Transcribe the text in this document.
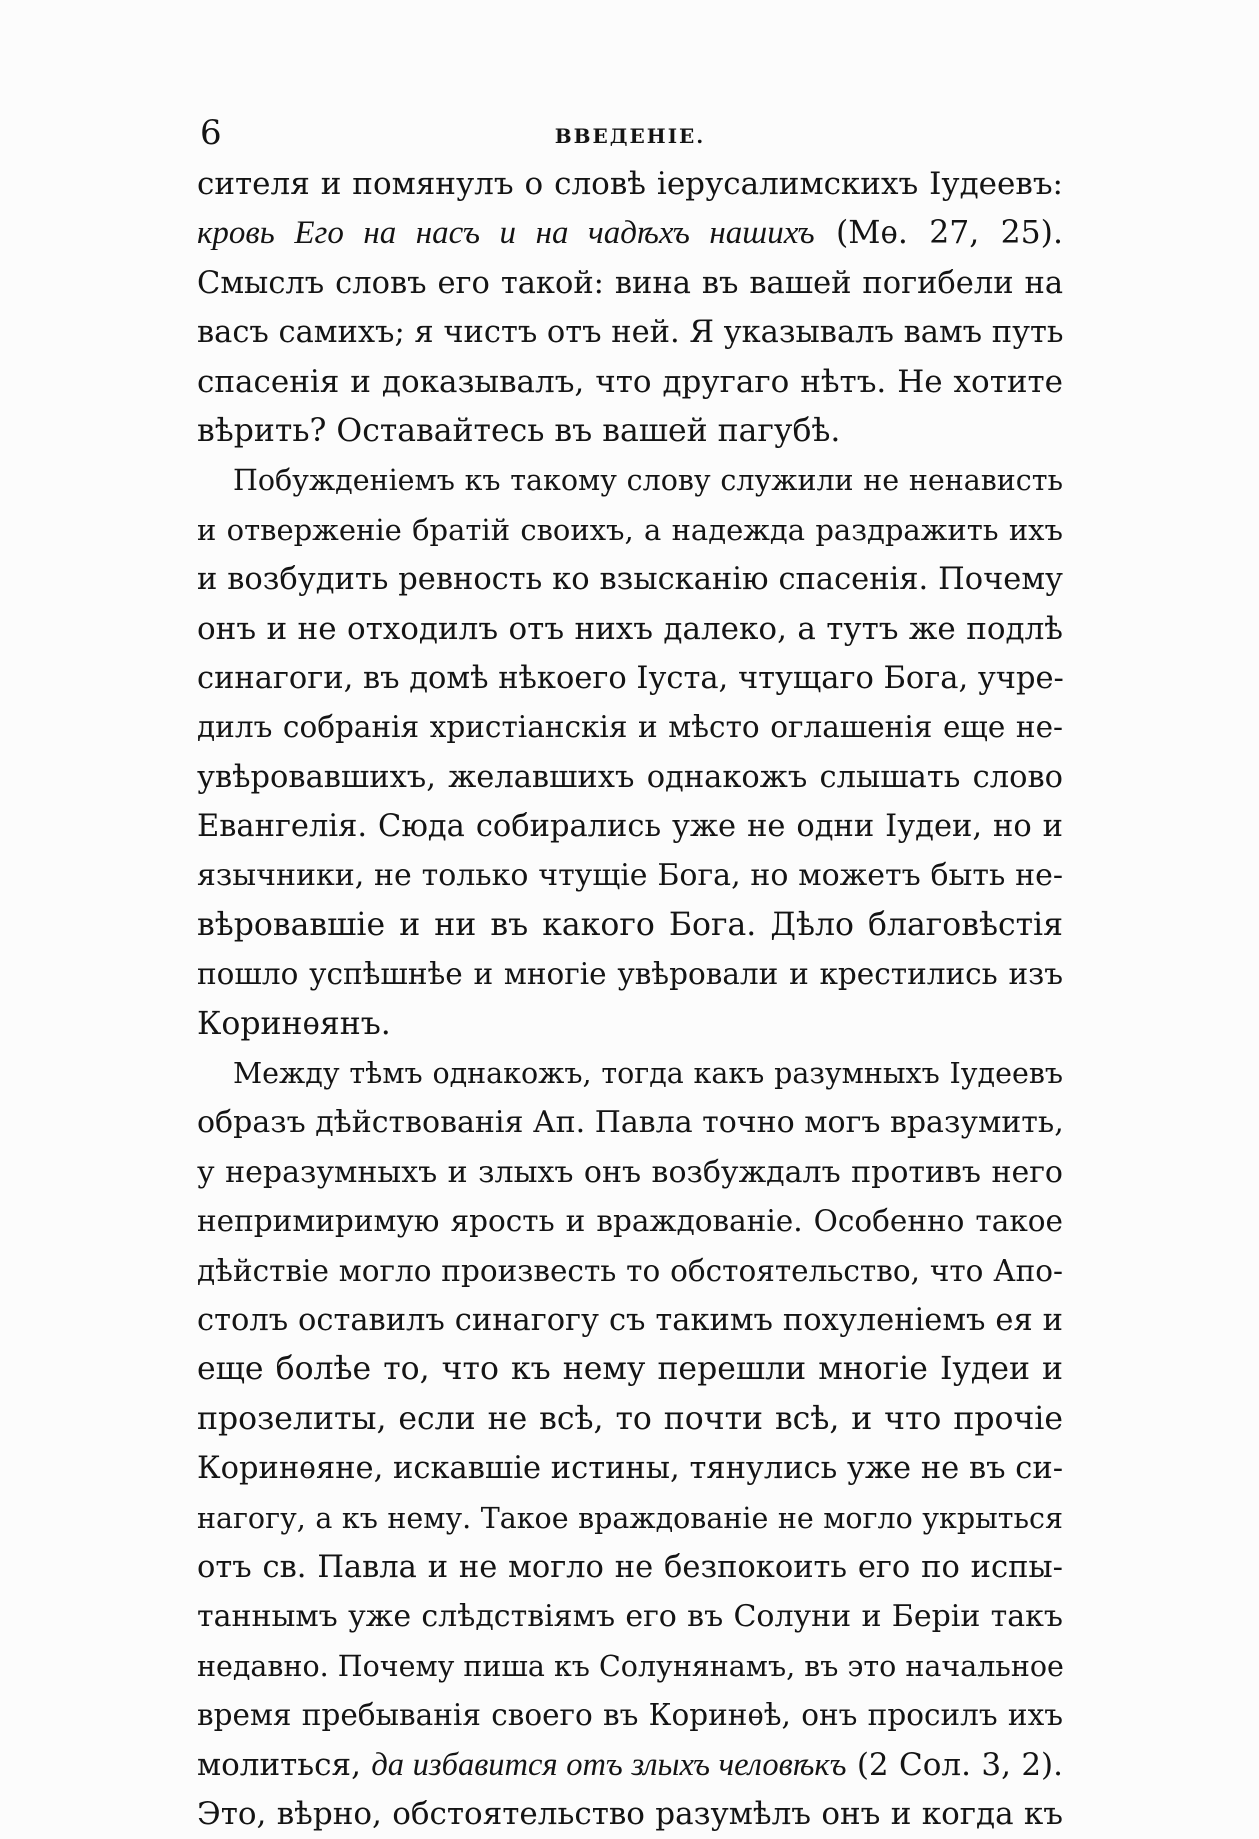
6	ВВЕДЕНІЕ.
сителя и помянулъ о словѣ іерусалимскихъ Іудеевъ:
кровь Его на насъ и на чадѣхъ нашихъ (Мѳ. 27, 25).
Смыслъ словъ его такой: вина въ вашей погибели на
васъ самихъ; я чистъ отъ ней. Я указывалъ вамъ путь
спасенія и доказывалъ, что другаго нѣтъ. Не хотите
вѣрить? Оставайтесь въ вашей пагубѣ.
Побужденіемъ къ такому слову служили не ненависть
и отверженіе братій своихъ, а надежда раздражить ихъ
и возбудить ревность ко взысканію спасенія. Почему
онъ и не отходилъ отъ нихъ далеко, а тутъ же подлѣ
синагоги, въ домѣ нѣкоего Іуста, чтущаго Бога, учре-
дилъ собранія христіанскія и мѣсто оглашенія еще не-
увѣровавшихъ, желавшихъ однакожъ слышать слово
Евангелія. Сюда собирались уже не одни Іудеи, но и
язычники, не только чтущіе Бога, но можетъ быть не-
вѣровавшіе и ни въ какого Бога. Дѣло благовѣстія
пошло успѣшнѣе и многіе увѣровали и крестились изъ
Коринѳянъ.
Между тѣмъ однакожъ, тогда какъ разумныхъ Іудеевъ
образъ дѣйствованія Ап. Павла точно могъ вразумить,
у неразумныхъ и злыхъ онъ возбуждалъ противъ него
непримиримую ярость и враждованіе. Особенно такое
дѣйствіе могло произвесть то обстоятельство, что Апо-
столъ оставилъ синагогу съ такимъ похуленіемъ ея и
еще болѣе то, что къ нему перешли многіе Іудеи и
прозелиты, если не всѣ, то почти всѣ, и что прочіе
Коринѳяне, искавшіе истины, тянулись уже не въ си-
нагогу, а къ нему. Такое враждованіе не могло укрыться
отъ св. Павла и не могло не безпокоить его по испы-
таннымъ уже слѣдствіямъ его въ Солуни и Беріи такъ
недавно. Почему пиша къ Солунянамъ, въ это начальное
время пребыванія своего въ Коринѳѣ, онъ просилъ ихъ
молиться, да избавится отъ злыхъ человѣкъ (2 Сол. 3, 2).
Это, вѣрно, обстоятельство разумѣлъ онъ и когда къ
